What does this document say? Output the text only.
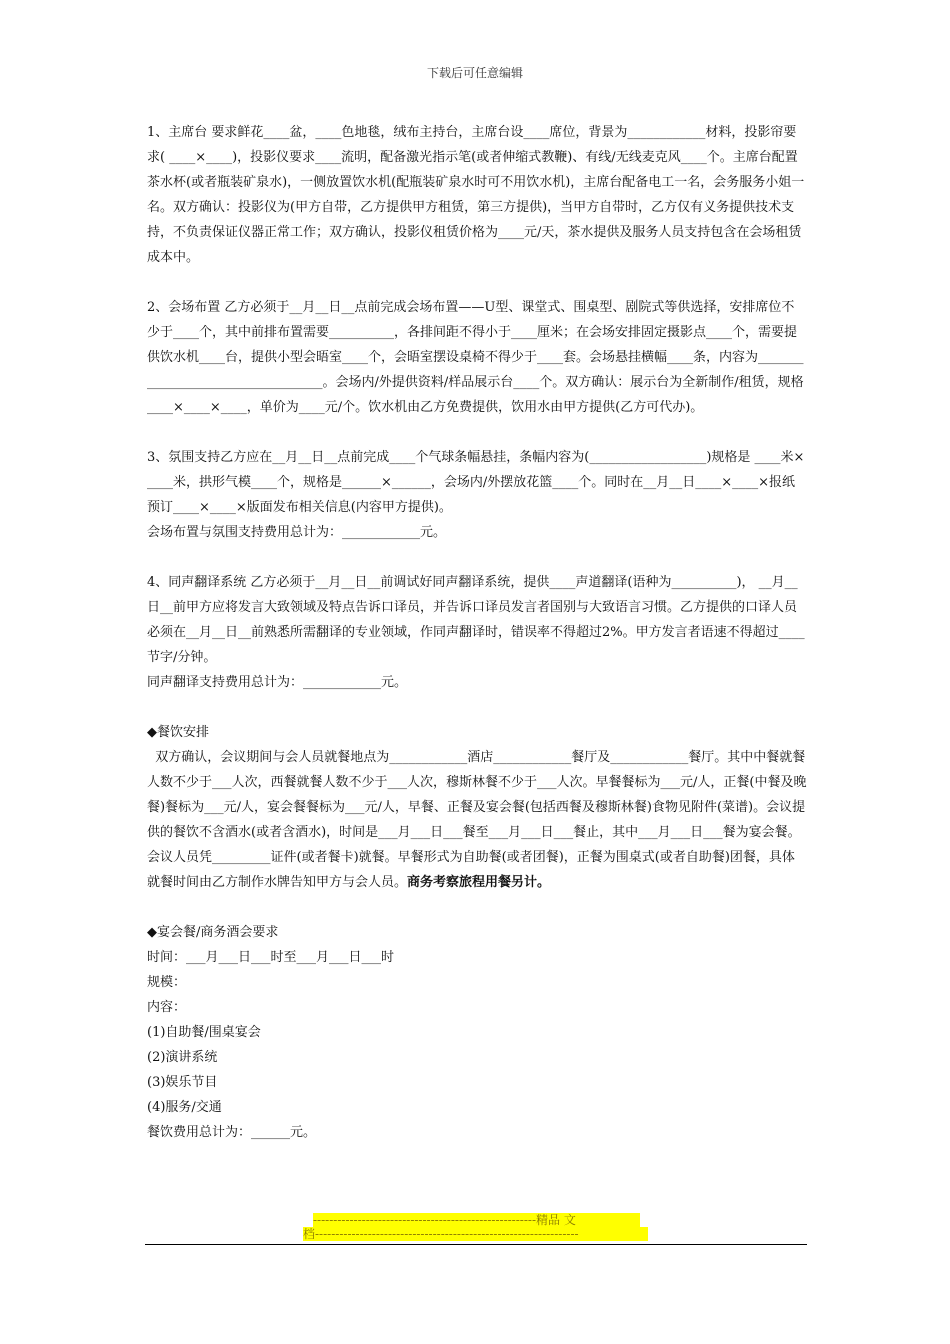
下载后可任意编辑

1、主席台 要求鲜花____盆，____色地毯，绒布主持台，主席台设____席位，背景为____________材料，投影帘要求( ____×____)，投影仪要求____流明，配备激光指示笔(或者伸缩式教鞭)、有线/无线麦克风____个。主席台配置茶水杯(或者瓶装矿泉水)，一侧放置饮水机(配瓶装矿泉水时可不用饮水机)，主席台配备电工一名，会务服务小姐一名。双方确认：投影仪为(甲方自带，乙方提供甲方租赁，第三方提供)，当甲方自带时，乙方仅有义务提供技术支持，不负责保证仪器正常工作；双方确认，投影仪租赁价格为____元/天，茶水提供及服务人员支持包含在会场租赁成本中。

2、会场布置 乙方必须于__月__日__点前完成会场布置——U型、课堂式、围桌型、剧院式等供选择，安排席位不少于____个，其中前排布置需要__________，各排间距不得小于____厘米；在会场安排固定摄影点____个，需要提供饮水机____台，提供小型会晤室____个，会晤室摆设桌椅不得少于____套。会场悬挂横幅____条，内容为__________________________________。会场内/外提供资料/样品展示台____个。双方确认：展示台为全新制作/租赁，规格____×____×____，单价为____元/个。饮水机由乙方免费提供，饮用水由甲方提供(乙方可代办)。

3、氛围支持乙方应在__月__日__点前完成____个气球条幅悬挂，条幅内容为(__________________)规格是 ____米×____米，拱形气模____个，规格是______×______，会场内/外摆放花篮____个。同时在__月__日____×____×报纸预订____×____×版面发布相关信息(内容甲方提供)。

会场布置与氛围支持费用总计为：____________元。

4、同声翻译系统 乙方必须于__月__日__前调试好同声翻译系统，提供____声道翻译(语种为__________)， __月__日__前甲方应将发言大致领域及特点告诉口译员，并告诉口译员发言者国别与大致语言习惯。乙方提供的口译人员必须在__月__日__前熟悉所需翻译的专业领域，作同声翻译时，错误率不得超过2%。甲方发言者语速不得超过____节字/分钟。

同声翻译支持费用总计为：____________元。

◆餐饮安排

双方确认，会议期间与会人员就餐地点为____________酒店____________餐厅及____________餐厅。其中中餐就餐人数不少于___人次，西餐就餐人数不少于___人次，穆斯林餐不少于___人次。早餐餐标为___元/人，正餐(中餐及晚餐)餐标为___元/人，宴会餐餐标为___元/人，早餐、正餐及宴会餐(包括西餐及穆斯林餐)食物见附件(菜谱)。会议提供的餐饮不含酒水(或者含酒水)，时间是___月___日___餐至___月___日___餐止，其中___月___日___餐为宴会餐。会议人员凭_________证件(或者餐卡)就餐。早餐形式为自助餐(或者团餐)，正餐为围桌式(或者自助餐)团餐，具体就餐时间由乙方制作水牌告知甲方与会人员。商务考察旅程用餐另计。

◆宴会餐/商务酒会要求

时间：___月___日___时至___月___日___时

规模：

内容：

(1)自助餐/围桌宴会

(2)演讲系统

(3)娱乐节目

(4)服务/交通

餐饮费用总计为：______元。

-------------------------------------------------------精品 文
档-----------------------------------------------------------------
